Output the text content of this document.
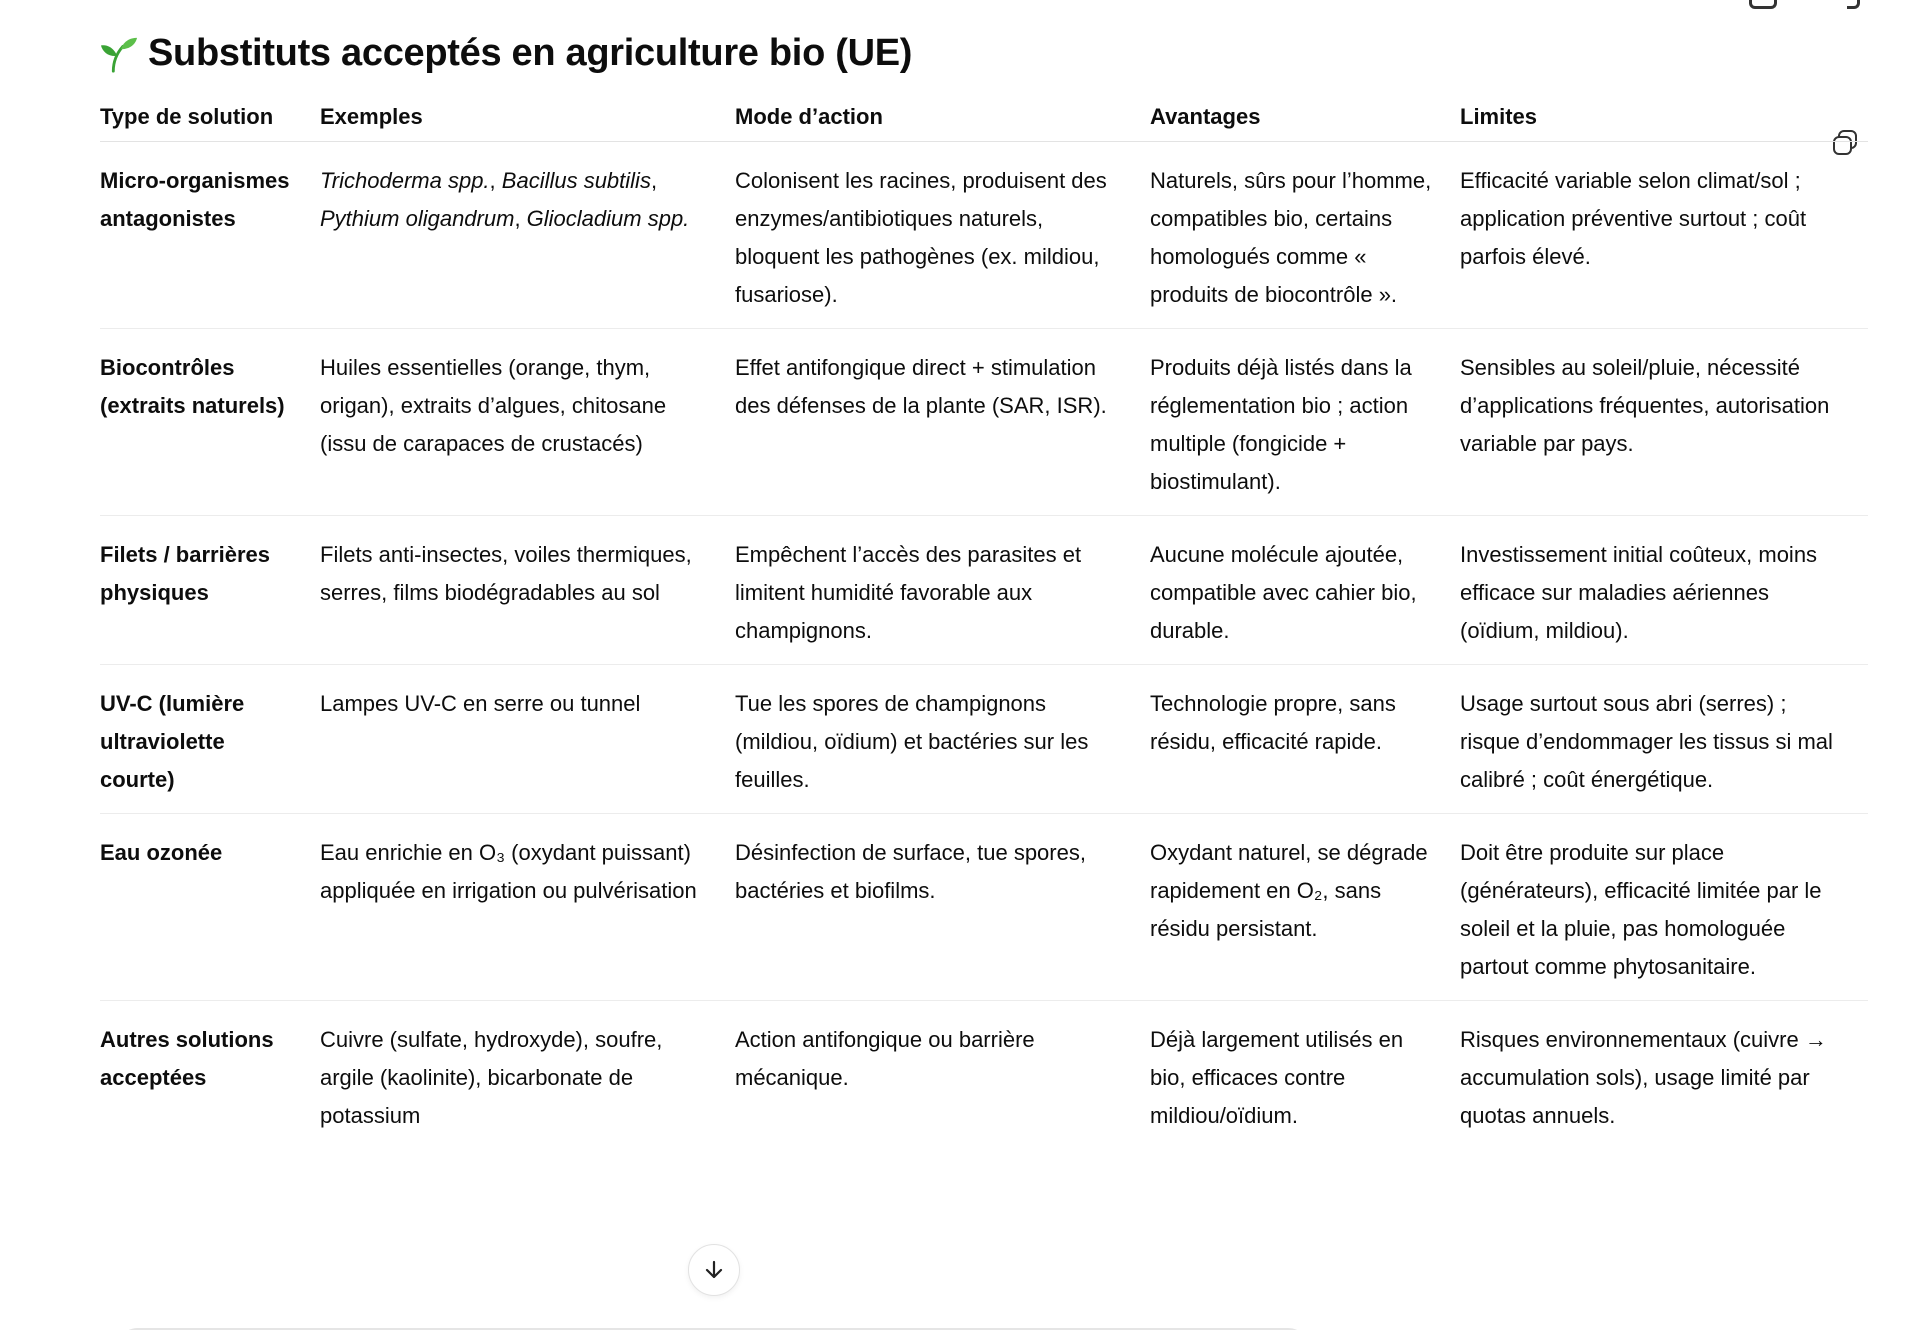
Substituts acceptés en agriculture bio (UE)
Type de solution	Exemples	Mode d’action	Avantages	Limites
Micro-organismes antagonistes	Trichoderma spp., Bacillus subtilis, Pythium oligandrum, Gliocladium spp.	Colonisent les racines, produisent des enzymes/antibiotiques naturels, bloquent les pathogènes (ex. mildiou, fusariose).	Naturels, sûrs pour l’homme, compatibles bio, certains homologués comme « produits de biocontrôle ».	Efficacité variable selon climat/sol ; application préventive surtout ; coût parfois élevé.
Biocontrôles (extraits naturels)	Huiles essentielles (orange, thym, origan), extraits d’algues, chitosane (issu de carapaces de crustacés)	Effet antifongique direct + stimulation des défenses de la plante (SAR, ISR).	Produits déjà listés dans la réglementation bio ; action multiple (fongicide + biostimulant).	Sensibles au soleil/pluie, nécessité d’applications fréquentes, autorisation variable par pays.
Filets / barrières physiques	Filets anti-insectes, voiles thermiques, serres, films biodégradables au sol	Empêchent l’accès des parasites et limitent humidité favorable aux champignons.	Aucune molécule ajoutée, compatible avec cahier bio, durable.	Investissement initial coûteux, moins efficace sur maladies aériennes (oïdium, mildiou).
UV-C (lumière ultraviolette courte)	Lampes UV-C en serre ou tunnel	Tue les spores de champignons (mildiou, oïdium) et bactéries sur les feuilles.	Technologie propre, sans résidu, efficacité rapide.	Usage surtout sous abri (serres) ; risque d’endommager les tissus si mal calibré ; coût énergétique.
Eau ozonée	Eau enrichie en O₃ (oxydant puissant) appliquée en irrigation ou pulvérisation	Désinfection de surface, tue spores, bactéries et biofilms.	Oxydant naturel, se dégrade rapidement en O₂, sans résidu persistant.	Doit être produite sur place (générateurs), efficacité limitée par le soleil et la pluie, pas homologuée partout comme phytosanitaire.
Autres solutions acceptées	Cuivre (sulfate, hydroxyde), soufre, argile (kaolinite), bicarbonate de potassium	Action antifongique ou barrière mécanique.	Déjà largement utilisés en bio, efficaces contre mildiou/oïdium.	Risques environnementaux (cuivre → accumulation sols), usage limité par quotas annuels.
